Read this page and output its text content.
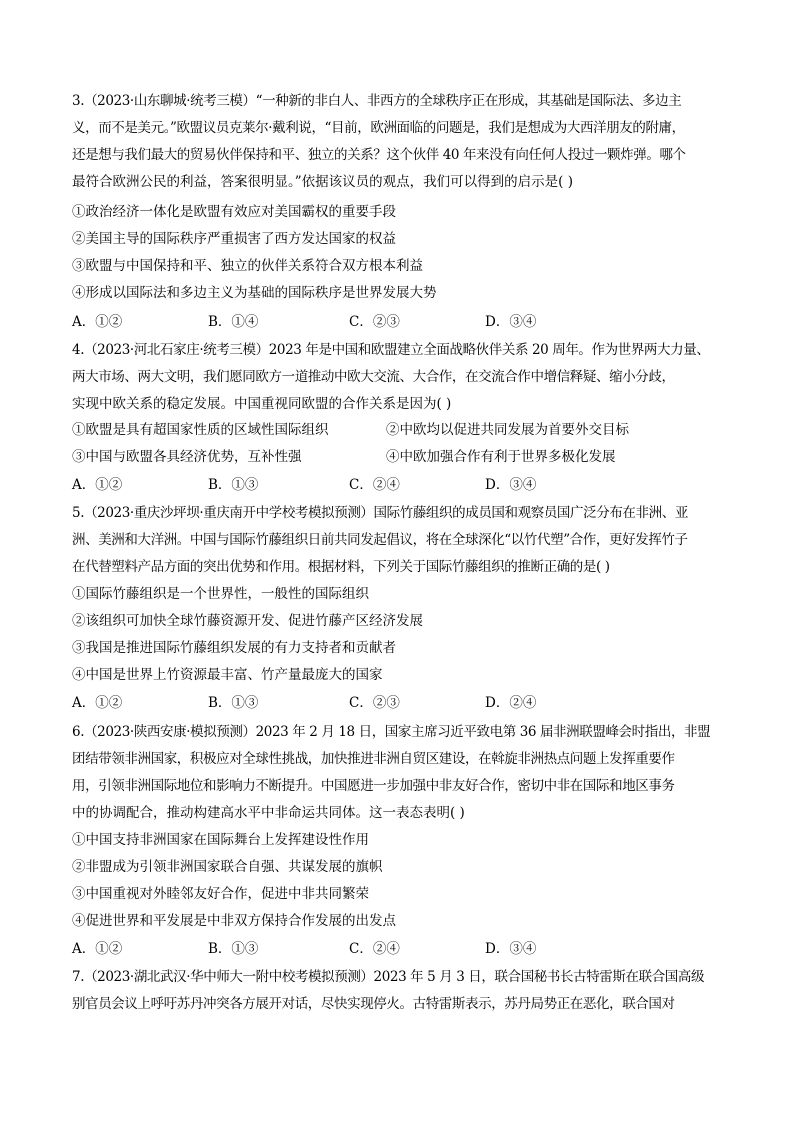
3.（2023·山东聊城·统考三模）“一种新的非白人、非西方的全球秩序正在形成，其基础是国际法、多边主
义，而不是美元。”欧盟议员克莱尔·戴利说，“目前，欧洲面临的问题是，我们是想成为大西洋朋友的附庸，
还是想与我们最大的贸易伙伴保持和平、独立的关系？这个伙伴 40 年来没有向任何人投过一颗炸弹。哪个
最符合欧洲公民的利益，答案很明显。”依据该议员的观点，我们可以得到的启示是( )
①政治经济一体化是欧盟有效应对美国霸权的重要手段
②美国主导的国际秩序严重损害了西方发达国家的权益
③欧盟与中国保持和平、独立的伙伴关系符合双方根本利益
④形成以国际法和多边主义为基础的国际秩序是世界发展大势
A．①②	B．①④	C．②③	D．③④
4.（2023·河北石家庄·统考三模）2023 年是中国和欧盟建立全面战略伙伴关系 20 周年。作为世界两大力量、
两大市场、两大文明，我们愿同欧方一道推动中欧大交流、大合作，在交流合作中增信释疑、缩小分歧，
实现中欧关系的稳定发展。中国重视同欧盟的合作关系是因为( )
①欧盟是具有超国家性质的区域性国际组织	②中欧均以促进共同发展为首要外交目标
③中国与欧盟各具经济优势，互补性强	④中欧加强合作有利于世界多极化发展
A．①②	B．①③	C．②④	D．③④
5.（2023·重庆沙坪坝·重庆南开中学校考模拟预测）国际竹藤组织的成员国和观察员国广泛分布在非洲、亚
洲、美洲和大洋洲。中国与国际竹藤组织日前共同发起倡议，将在全球深化“以竹代塑”合作，更好发挥竹子
在代替塑料产品方面的突出优势和作用。根据材料，下列关于国际竹藤组织的推断正确的是( )
①国际竹藤组织是一个世界性，一般性的国际组织
②该组织可加快全球竹藤资源开发、促进竹藤产区经济发展
③我国是推进国际竹藤组织发展的有力支持者和贡献者
④中国是世界上竹资源最丰富、竹产量最庞大的国家
A．①②	B．①③	C．②③	D．②④
6.（2023·陕西安康·模拟预测）2023 年 2 月 18 日，国家主席习近平致电第 36 届非洲联盟峰会时指出，非盟
团结带领非洲国家，积极应对全球性挑战，加快推进非洲自贸区建设，在斡旋非洲热点问题上发挥重要作
用，引领非洲国际地位和影响力不断提升。中国愿进一步加强中非友好合作，密切中非在国际和地区事务
中的协调配合，推动构建高水平中非命运共同体。这一表态表明( )
①中国支持非洲国家在国际舞台上发挥建设性作用
②非盟成为引领非洲国家联合自强、共谋发展的旗帜
③中国重视对外睦邻友好合作，促进中非共同繁荣
④促进世界和平发展是中非双方保持合作发展的出发点
A．①②	B．①③	C．②④	D．③④
7.（2023·湖北武汉·华中师大一附中校考模拟预测）2023 年 5 月 3 日，联合国秘书长古特雷斯在联合国高级
别官员会议上呼吁苏丹冲突各方展开对话，尽快实现停火。古特雷斯表示，苏丹局势正在恶化，联合国对
